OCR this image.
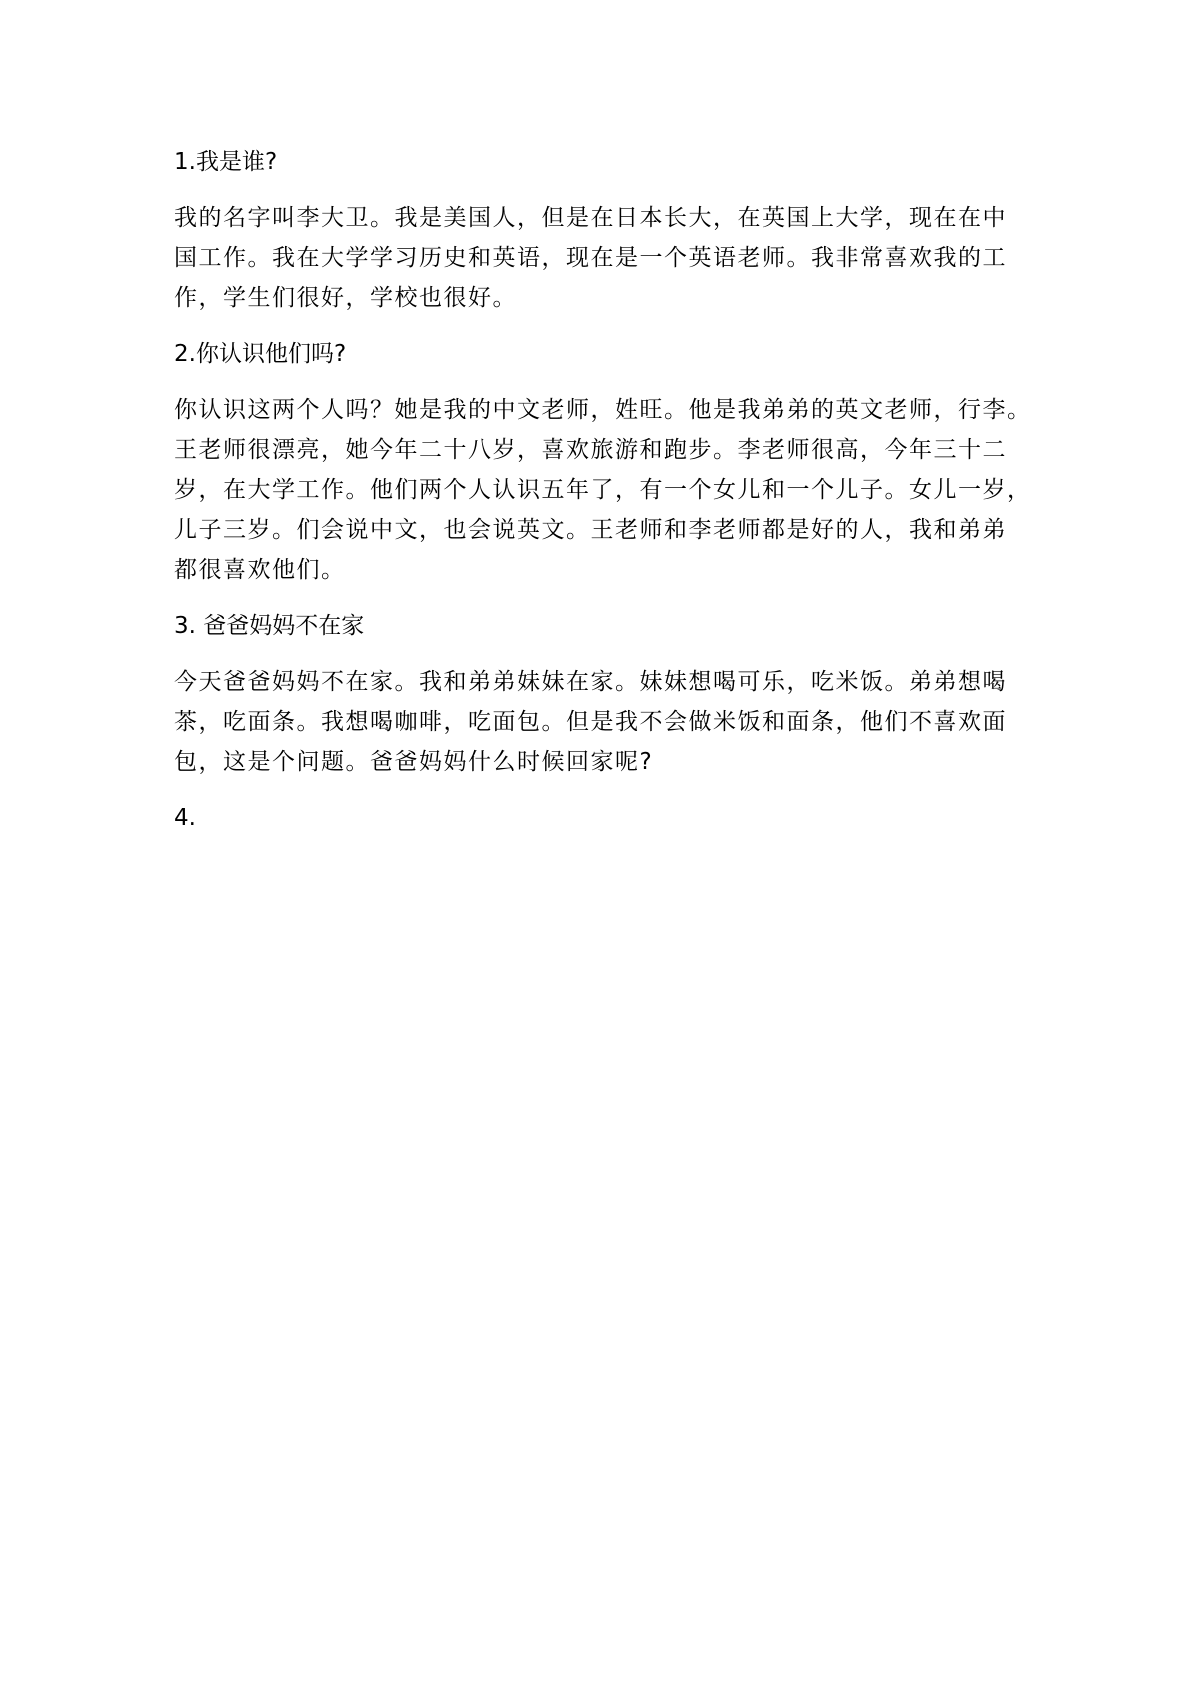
1.我是谁?
我的名字叫李大卫。我是美国人，但是在日本长大，在英国上大学，现在在中
国工作。我在大学学习历史和英语，现在是一个英语老师。我非常喜欢我的工
作，学生们很好，学校也很好。
2.你认识他们吗?
你认识这两个人吗？她是我的中文老师，姓旺。他是我弟弟的英文老师，行李。
王老师很漂亮，她今年二十八岁，喜欢旅游和跑步。李老师很高，今年三十二
岁，在大学工作。他们两个人认识五年了，有一个女儿和一个儿子。女儿一岁，
儿子三岁。们会说中文，也会说英文。王老师和李老师都是好的人，我和弟弟
都很喜欢他们。
3. 爸爸妈妈不在家
今天爸爸妈妈不在家。我和弟弟妹妹在家。妹妹想喝可乐，吃米饭。弟弟想喝
茶，吃面条。我想喝咖啡，吃面包。但是我不会做米饭和面条，他们不喜欢面
包，这是个问题。爸爸妈妈什么时候回家呢?
4.
